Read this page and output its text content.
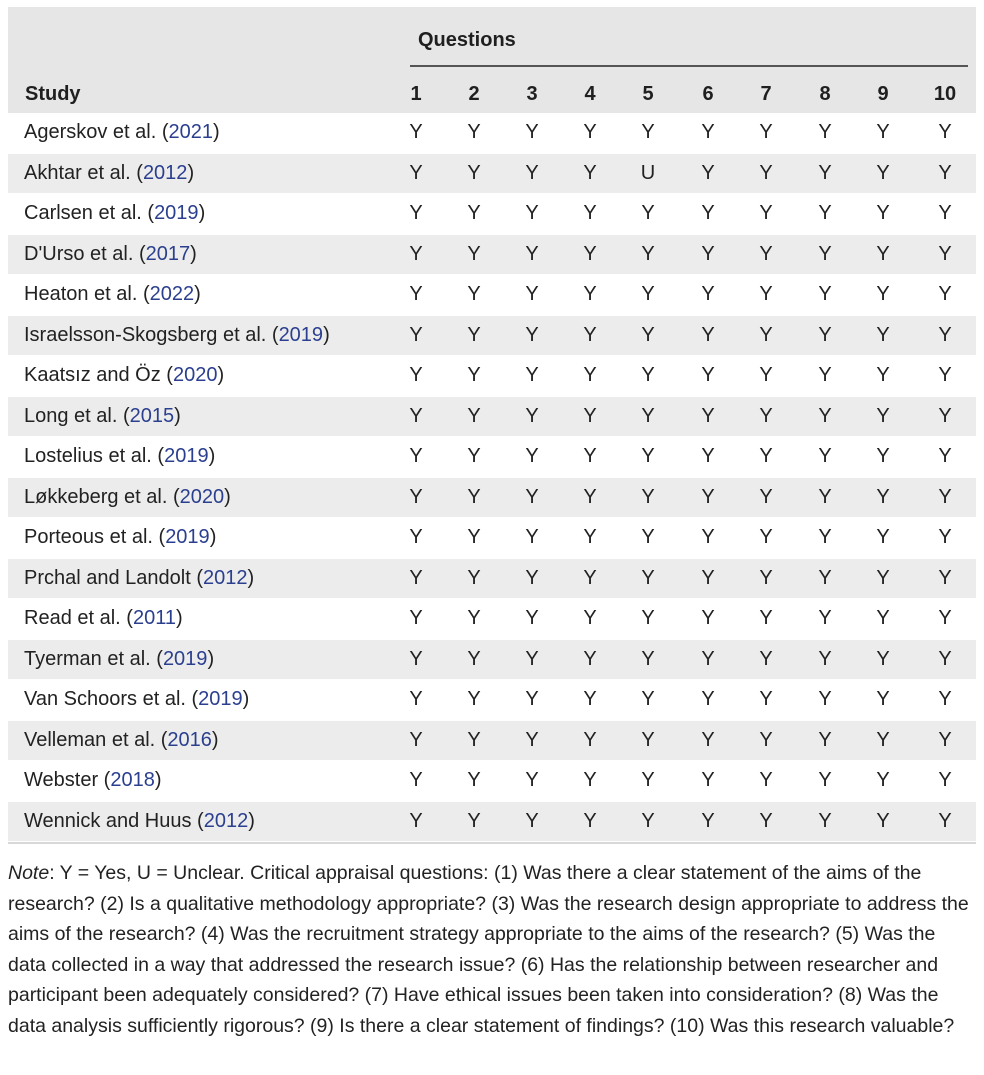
Questions
Study	1	2	3	4	5	6	7	8	9	10
Agerskov et al. (2021)	Y	Y	Y	Y	Y	Y	Y	Y	Y	Y
Akhtar et al. (2012)	Y	Y	Y	Y	U	Y	Y	Y	Y	Y
Carlsen et al. (2019)	Y	Y	Y	Y	Y	Y	Y	Y	Y	Y
D'Urso et al. (2017)	Y	Y	Y	Y	Y	Y	Y	Y	Y	Y
Heaton et al. (2022)	Y	Y	Y	Y	Y	Y	Y	Y	Y	Y
Israelsson-Skogsberg et al. (2019)	Y	Y	Y	Y	Y	Y	Y	Y	Y	Y
Kaatsız and Öz (2020)	Y	Y	Y	Y	Y	Y	Y	Y	Y	Y
Long et al. (2015)	Y	Y	Y	Y	Y	Y	Y	Y	Y	Y
Lostelius et al. (2019)	Y	Y	Y	Y	Y	Y	Y	Y	Y	Y
Løkkeberg et al. (2020)	Y	Y	Y	Y	Y	Y	Y	Y	Y	Y
Porteous et al. (2019)	Y	Y	Y	Y	Y	Y	Y	Y	Y	Y
Prchal and Landolt (2012)	Y	Y	Y	Y	Y	Y	Y	Y	Y	Y
Read et al. (2011)	Y	Y	Y	Y	Y	Y	Y	Y	Y	Y
Tyerman et al. (2019)	Y	Y	Y	Y	Y	Y	Y	Y	Y	Y
Van Schoors et al. (2019)	Y	Y	Y	Y	Y	Y	Y	Y	Y	Y
Velleman et al. (2016)	Y	Y	Y	Y	Y	Y	Y	Y	Y	Y
Webster (2018)	Y	Y	Y	Y	Y	Y	Y	Y	Y	Y
Wennick and Huus (2012)	Y	Y	Y	Y	Y	Y	Y	Y	Y	Y
Note: Y = Yes, U = Unclear. Critical appraisal questions: (1) Was there a clear statement of the aims of the research? (2) Is a qualitative methodology appropriate? (3) Was the research design appropriate to address the aims of the research? (4) Was the recruitment strategy appropriate to the aims of the research? (5) Was the data collected in a way that addressed the research issue? (6) Has the relationship between researcher and participant been adequately considered? (7) Have ethical issues been taken into consideration? (8) Was the data analysis sufficiently rigorous? (9) Is there a clear statement of findings? (10) Was this research valuable?
